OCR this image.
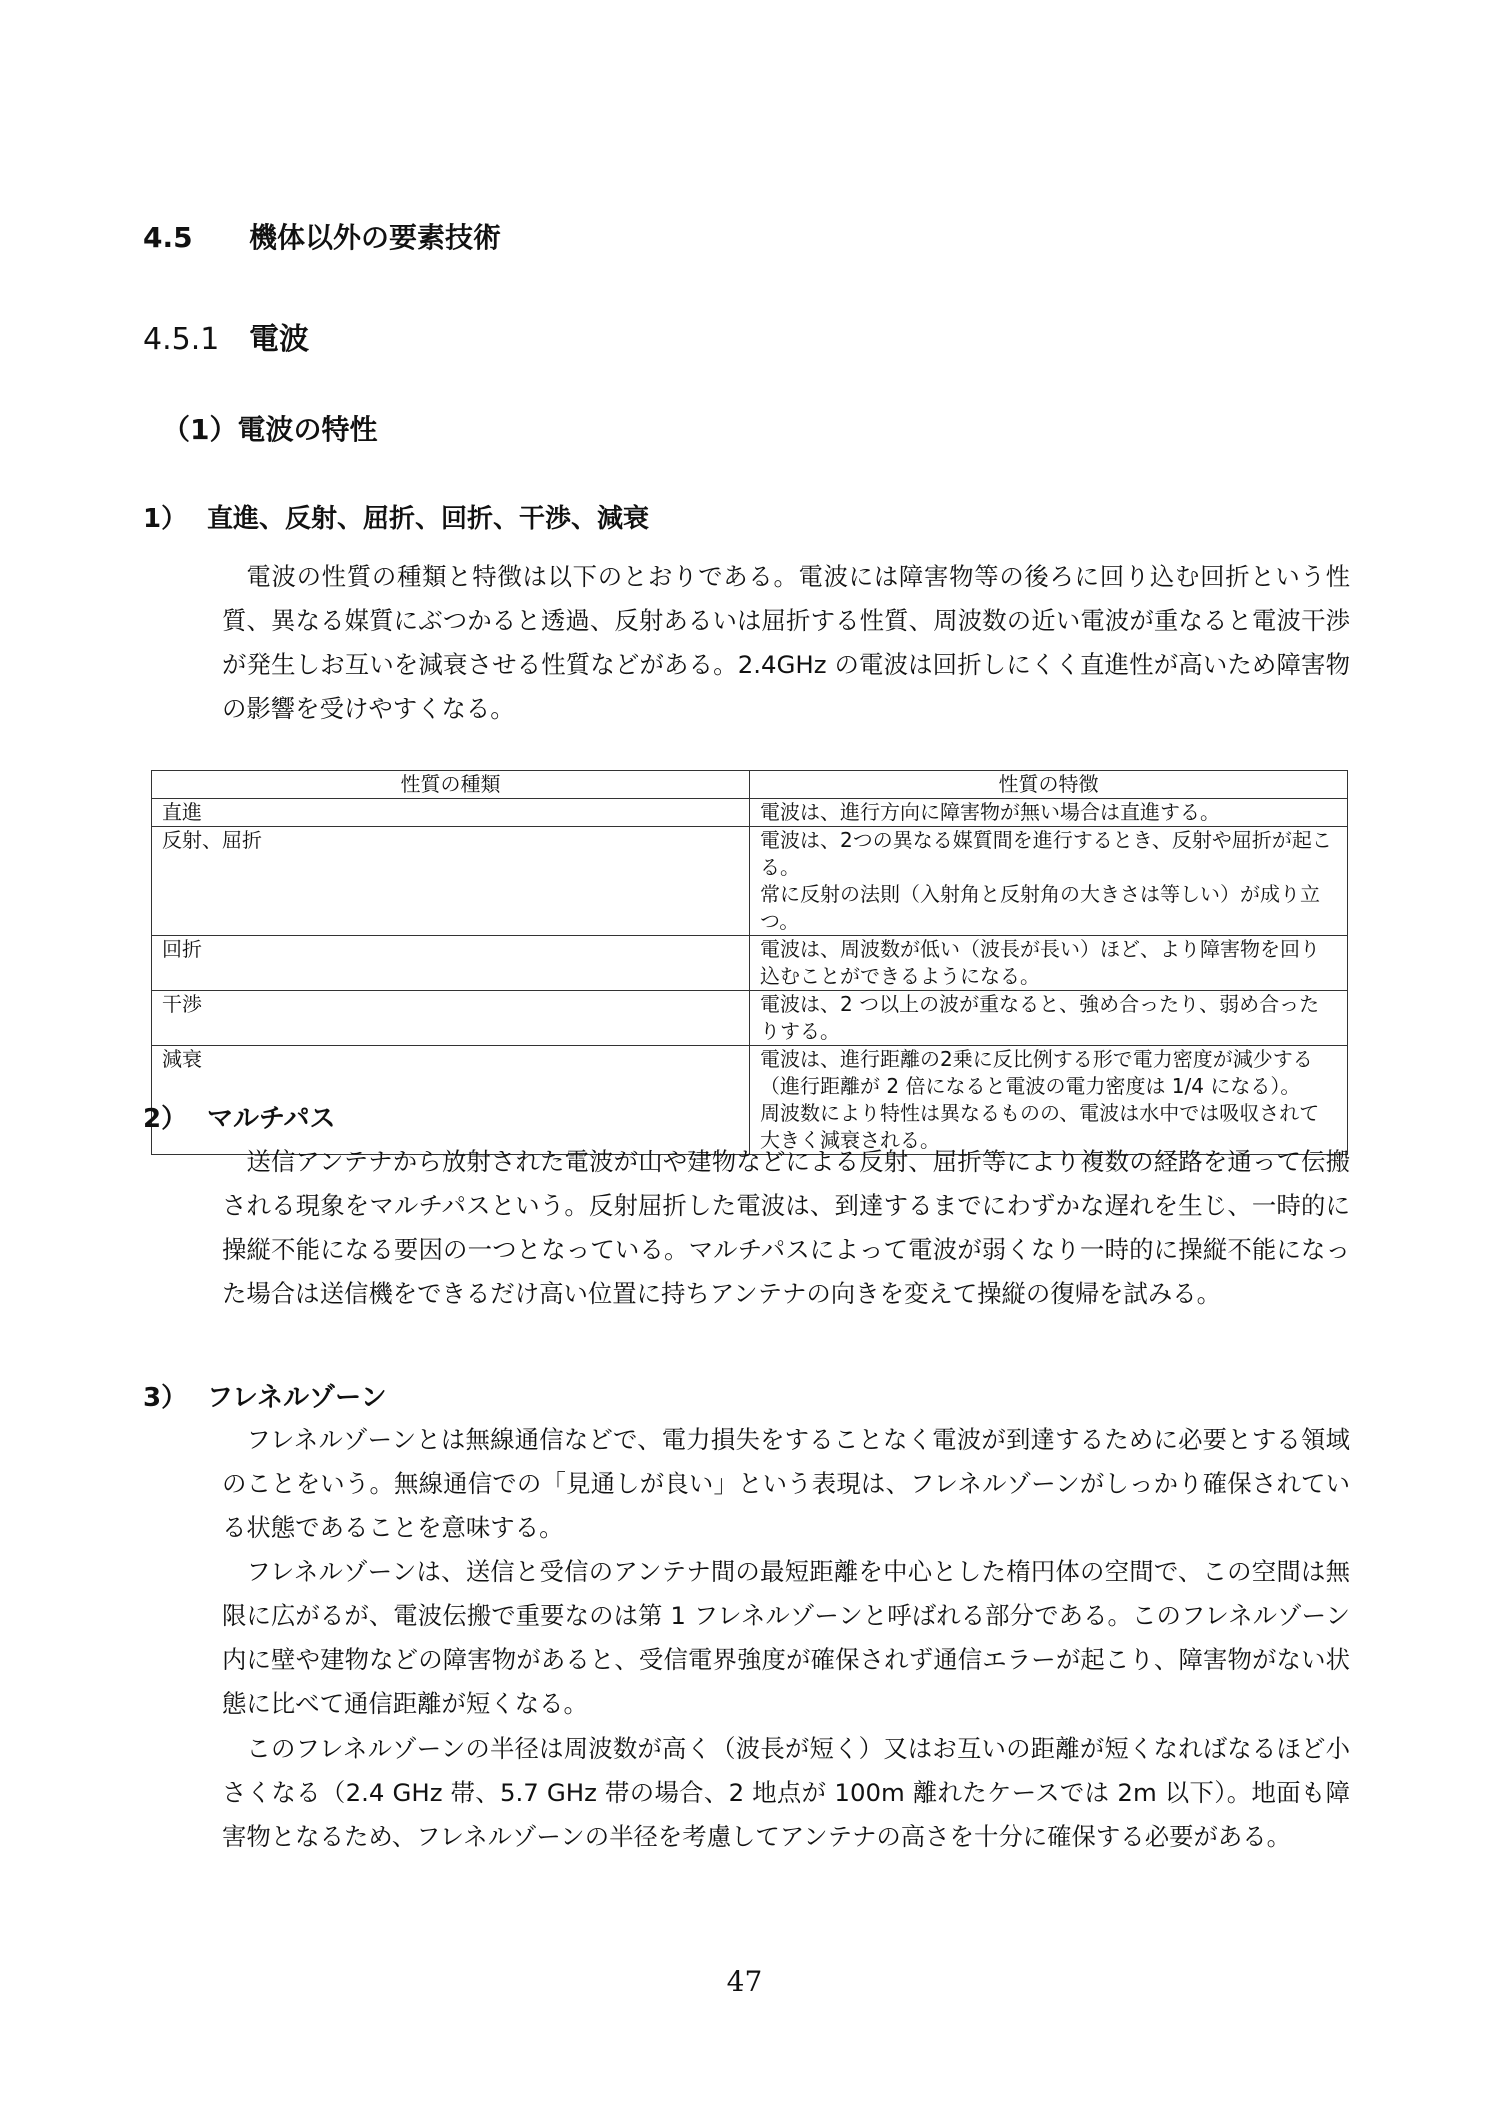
4.5 機体以外の要素技術
4.5.1 電波
（1）電波の特性
1） 直進、反射、屈折、回折、干渉、減衰

電波の性質の種類と特徴は以下のとおりである。電波には障害物等の後ろに回り込む回折という性質、異なる媒質にぶつかると透過、反射あるいは屈折する性質、周波数の近い電波が重なると電波干渉が発生しお互いを減衰させる性質などがある。2.4GHz の電波は回折しにくく直進性が高いため障害物の影響を受けやすくなる。

性質の種類	性質の特徴
直進	電波は、進行方向に障害物が無い場合は直進する。

反射、屈折	電波は、2つの異なる媒質間を進行するとき、反射や屈折が起こる。
常に反射の法則（入射角と反射角の大きさは等しい）が成り立つ。

回折	電波は、周波数が低い（波長が長い）ほど、より障害物を回り込むことができるようになる。

干渉	電波は、2 つ以上の波が重なると、強め合ったり、弱め合ったりする。

減衰	電波は、進行距離の2乗に反比例する形で電力密度が減少する（進行距離が 2 倍になると電波の電力密度は 1/4 になる）。
周波数により特性は異なるものの、電波は水中では吸収されて大きく減衰される。
2） マルチパス

送信アンテナから放射された電波が山や建物などによる反射、屈折等により複数の経路を通って伝搬される現象をマルチパスという。反射屈折した電波は、到達するまでにわずかな遅れを生じ、一時的に操縦不能になる要因の一つとなっている。マルチパスによって電波が弱くなり一時的に操縦不能になった場合は送信機をできるだけ高い位置に持ちアンテナの向きを変えて操縦の復帰を試みる。

3） フレネルゾーン

フレネルゾーンとは無線通信などで、電力損失をすることなく電波が到達するために必要とする領域のことをいう。無線通信での「見通しが良い」という表現は、フレネルゾーンがしっかり確保されている状態であることを意味する。

フレネルゾーンは、送信と受信のアンテナ間の最短距離を中心とした楕円体の空間で、この空間は無限に広がるが、電波伝搬で重要なのは第 1 フレネルゾーンと呼ばれる部分である。このフレネルゾーン内に壁や建物などの障害物があると、受信電界強度が確保されず通信エラーが起こり、障害物がない状態に比べて通信距離が短くなる。

このフレネルゾーンの半径は周波数が高く（波長が短く）又はお互いの距離が短くなればなるほど小さくなる（2.4 GHz 帯、5.7 GHz 帯の場合、2 地点が 100m 離れたケースでは 2m 以下）。地面も障害物となるため、フレネルゾーンの半径を考慮してアンテナの高さを十分に確保する必要がある。

47
